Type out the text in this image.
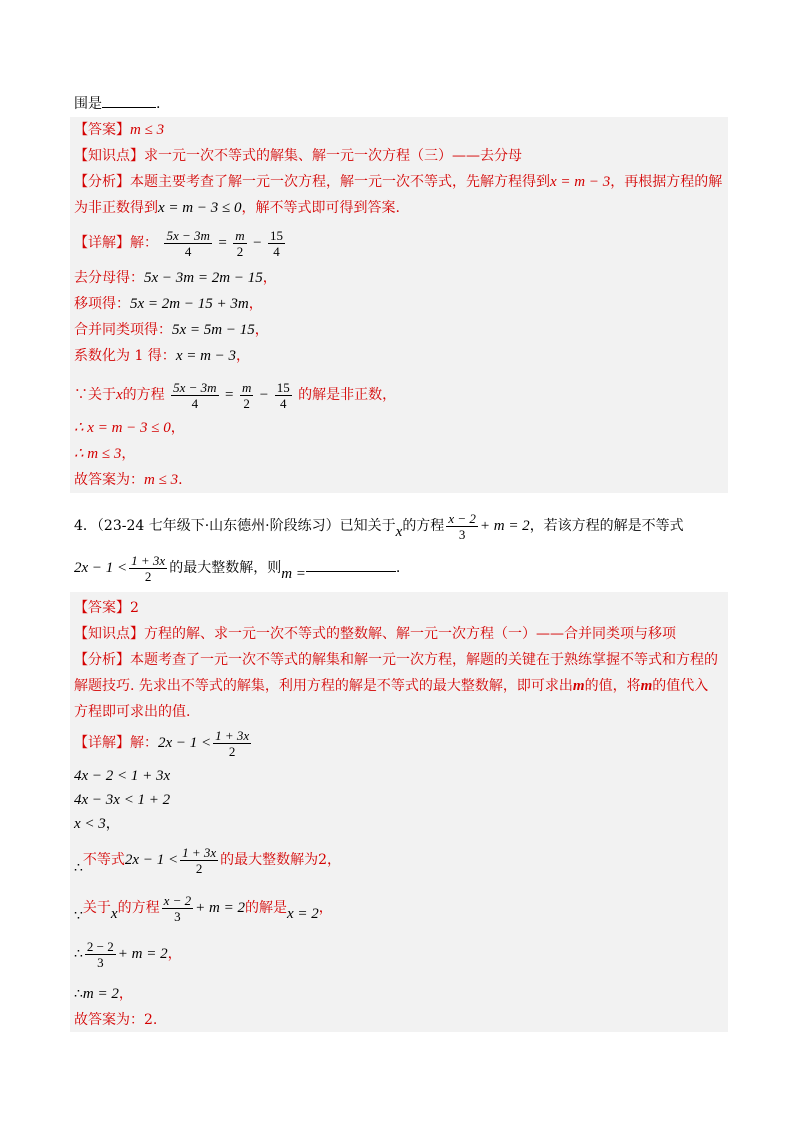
围是	.
【答案】m ≤ 3
【知识点】求一元一次不等式的解集、解一元一次方程（三）——去分母
【分析】本题主要考查了解一元一次方程，解一元一次不等式，先解方程得到x = m − 3，再根据方程的解
为非正数得到x = m − 3 ≤ 0，解不等式即可得到答案.
【详解】解： $\frac{5x - 3m}{4} = \frac{m}{2} - \frac{15}{4}$
去分母得：5x − 3m = 2m − 15，
移项得：5x = 2m − 15 + 3m，
合并同类项得：5x = 5m − 15，
系数化为 1 得：x = m − 3，
∵关于x的方程 $\frac{5x - 3m}{4} = \frac{m}{2} - \frac{15}{4}$ 的解是非正数，
∴ x = m − 3 ≤ 0，
∴ m ≤ 3，
故答案为：m ≤ 3.
4．（23-24 七年级下·山东德州·阶段练习）已知关于x的方程 $\frac{x - 2}{3} + m = 2$，若该方程的解是不等式
$2x - 1 < \frac{1 + 3x}{2}$ 的最大整数解，则m =	.
【答案】2
【知识点】方程的解、求一元一次不等式的整数解、解一元一次方程（一）——合并同类项与移项
【分析】本题考查了一元一次不等式的解集和解一元一次方程，解题的关键在于熟练掌握不等式和方程的
解题技巧. 先求出不等式的解集，利用方程的解是不等式的最大整数解，即可求出m的值，将m的值代入
方程即可求出的值.
【详解】解：$2x - 1 < \frac{1 + 3x}{2}$
4x − 2 < 1 + 3x
4x − 3x < 1 + 2
x < 3，
∴不等式$2x - 1 < \frac{1 + 3x}{2}$ 的最大整数解为2，
∵关于x的方程 $\frac{x - 2}{3} + m = 2$的解是x = 2，
∴ $\frac{2 - 2}{3} + m = 2$，
∴m = 2，
故答案为：2.
